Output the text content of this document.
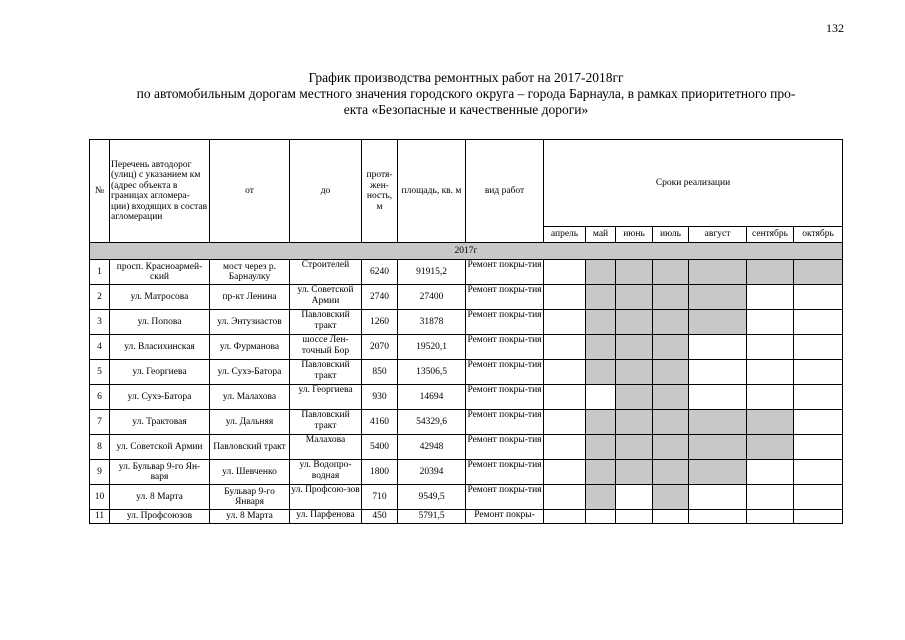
132
График производства ремонтных работ на 2017-2018гг
по автомобильным дорогам местного значения городского округа – города Барнаула, в рамках приоритетного про-
екта «Безопасные и качественные дороги»
№	Перечень автодорог (улиц) с указанием км (адрес объекта в границах агломера-ции) входящих в состав агломерации	от	до	протя-жен-ность, м	площадь, кв. м	вид работ	Сроки реализации						
							апрель	май	июнь	июль	август	сентябрь	октябрь
2017г													
1	просп. Красноармей-ский	мост через р. Барнаулку	Строителей	6240	91915,2	Ремонт покры-тия							
2	ул. Матросова	пр-кт Ленина	ул. Советской Армии	2740	27400	Ремонт покры-тия							
3	ул. Попова	ул. Энтузиастов	Павловский тракт	1260	31878	Ремонт покры-тия							
4	ул. Власихинская	ул. Фурманова	шоссе Лен-точный Бор	2070	19520,1	Ремонт покры-тия							
5	ул. Георгиева	ул. Сухэ-Батора	Павловский тракт	850	13506,5	Ремонт покры-тия							
6	ул. Сухэ-Батора	ул. Малахова	ул. Георгиева	930	14694	Ремонт покры-тия							
7	ул. Трактовая	ул. Дальняя	Павловский тракт	4160	54329,6	Ремонт покры-тия							
8	ул. Советской Армии	Павловский тракт	Малахова	5400	42948	Ремонт покры-тия							
9	ул. Бульвар 9-го Ян-варя	ул. Шевченко	ул. Водопро-водная	1800	20394	Ремонт покры-тия							
10	ул. 8 Марта	Бульвар 9-го Января	ул. Профсою-зов	710	9549,5	Ремонт покры-тия							
11	ул. Профсоюзов	ул. 8 Марта	ул. Парфенова	450	5791,5	Ремонт покры-							
